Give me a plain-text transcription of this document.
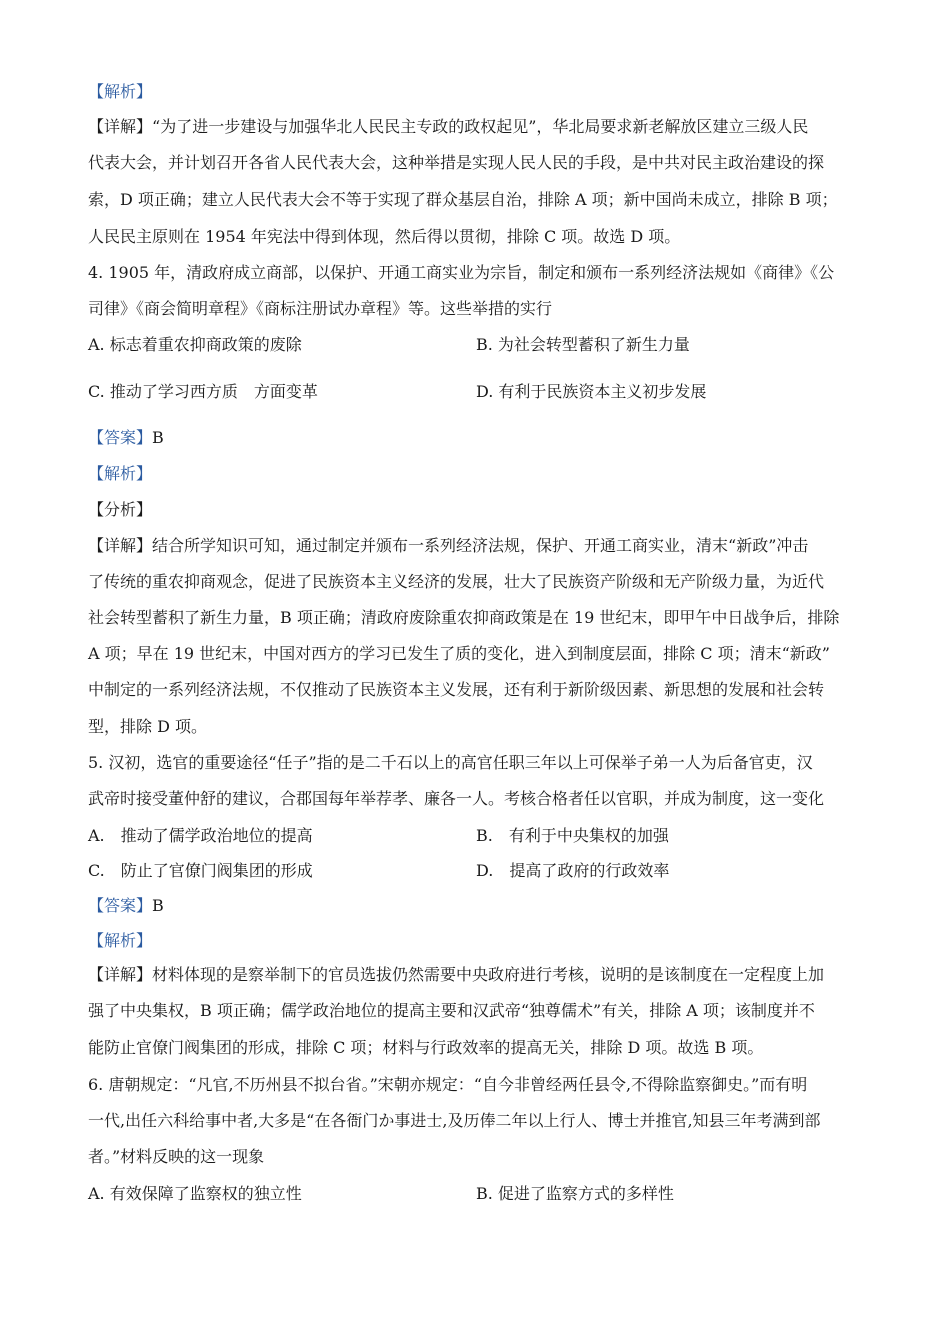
【解析】
【详解】“为了进一步建设与加强华北人民民主专政的政权起见”，华北局要求新老解放区建立三级人民
代表大会，并计划召开各省人民代表大会，这种举措是实现人民人民的手段，是中共对民主政治建设的探
索，D 项正确；建立人民代表大会不等于实现了群众基层自治，排除 A 项；新中国尚未成立，排除 B 项；
人民民主原则在 1954 年宪法中得到体现，然后得以贯彻，排除 C 项。故选 D 项。
4. 1905 年，清政府成立商部，以保护、开通工商实业为宗旨，制定和颁布一系列经济法规如《商律》《公
司律》《商会简明章程》《商标注册试办章程》等。这些举措的实行
A. 标志着重农抑商政策的废除	B. 为社会转型蓄积了新生力量
C. 推动了学习西方质　方面变革	D. 有利于民族资本主义初步发展
【答案】B
【解析】
【分析】
【详解】结合所学知识可知，通过制定并颁布一系列经济法规，保护、开通工商实业，清末“新政”冲击
了传统的重农抑商观念，促进了民族资本主义经济的发展，壮大了民族资产阶级和无产阶级力量，为近代
社会转型蓄积了新生力量，B 项正确；清政府废除重农抑商政策是在 19 世纪末，即甲午中日战争后，排除
A 项；早在 19 世纪末，中国对西方的学习已发生了质的变化，进入到制度层面，排除 C 项；清末“新政”
中制定的一系列经济法规，不仅推动了民族资本主义发展，还有利于新阶级因素、新思想的发展和社会转
型，排除 D 项。
5. 汉初，选官的重要途径“任子”指的是二千石以上的高官任职三年以上可保举子弟一人为后备官吏，汉
武帝时接受董仲舒的建议，合郡国每年举荐孝、廉各一人。考核合格者任以官职，并成为制度，这一变化
A.　推动了儒学政治地位的提高	B.　有利于中央集权的加强
C.　防止了官僚门阀集团的形成	D.　提高了政府的行政效率
【答案】B
【解析】
【详解】材料体现的是察举制下的官员选拔仍然需要中央政府进行考核，说明的是该制度在一定程度上加
强了中央集权，B 项正确；儒学政治地位的提高主要和汉武帝“独尊儒术”有关，排除 A 项；该制度并不
能防止官僚门阀集团的形成，排除 C 项；材料与行政效率的提高无关，排除 D 项。故选 B 项。
6. 唐朝规定：“凡官,不历州县不拟台省。”宋朝亦规定：“自今非曾经两任县令,不得除监察御史。”而有明
一代,出任六科给事中者,大多是“在各衙门か事进士,及历俸二年以上行人、博士并推官,知县三年考满到部
者。”材料反映的这一现象
A. 有效保障了监察权的独立性	B. 促进了监察方式的多样性
